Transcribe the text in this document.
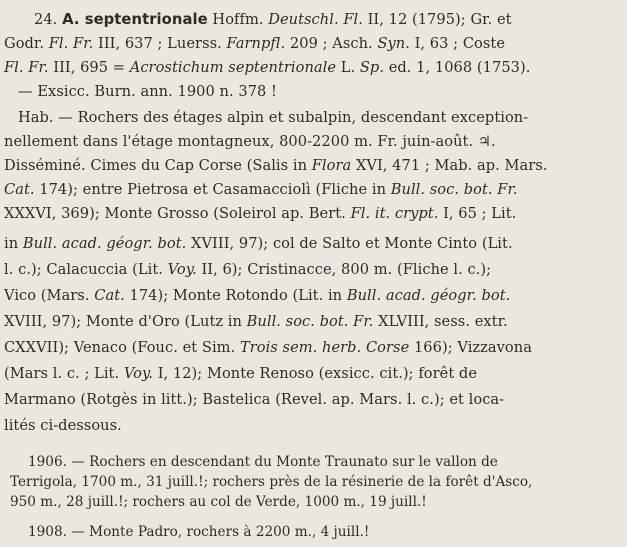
24. A. septentrionale Hoffm. Deutschl. Fl. II, 12 (1795); Gr. et
Godr. Fl. Fr. III, 637 ; Luerss. Farnpfl. 209 ; Asch. Syn. I, 63 ; Coste
Fl. Fr. III, 695 = Acrostichum septentrionale L. Sp. ed. 1, 1068 (1753).
— Exsicc. Burn. ann. 1900 n. 378 !
Hab. — Rochers des étages alpin et subalpin, descendant exception-
nellement dans l'étage montagneux, 800-2200 m. Fr. juin-août. ♃.
Disséminé. Cimes du Cap Corse (Salis in Flora XVI, 471 ; Mab. ap. Mars.
Cat. 174); entre Pietrosa et Casamacciolì (Fliche in Bull. soc. bot. Fr.
XXXVI, 369); Monte Grosso (Soleirol ap. Bert. Fl. it. crypt. I, 65 ; Lit.
in Bull. acad. géogr. bot. XVIII, 97); col de Salto et Monte Cinto (Lit.
l. c.); Calacuccia (Lit. Voy. II, 6); Cristinacce, 800 m. (Fliche l. c.);
Vico (Mars. Cat. 174); Monte Rotondo (Lit. in Bull. acad. géogr. bot.
XVIII, 97); Monte d'Oro (Lutz in Bull. soc. bot. Fr. XLVIII, sess. extr.
CXXVII); Venaco (Fouc. et Sim. Trois sem. herb. Corse 166); Vizzavona
(Mars l. c. ; Lit. Voy. I, 12); Monte Renoso (exsicc. cit.); forêt de
Marmano (Rotgès in litt.); Bastelica (Revel. ap. Mars. l. c.); et loca-
lités ci-dessous.
1906. — Rochers en descendant du Monte Traunato sur le vallon de
Terrigola, 1700 m., 31 juill.!; rochers près de la résinerie de la forêt d'Asco,
950 m., 28 juill.!; rochers au col de Verde, 1000 m., 19 juill.!
1908. — Monte Padro, rochers à 2200 m., 4 juill.!
